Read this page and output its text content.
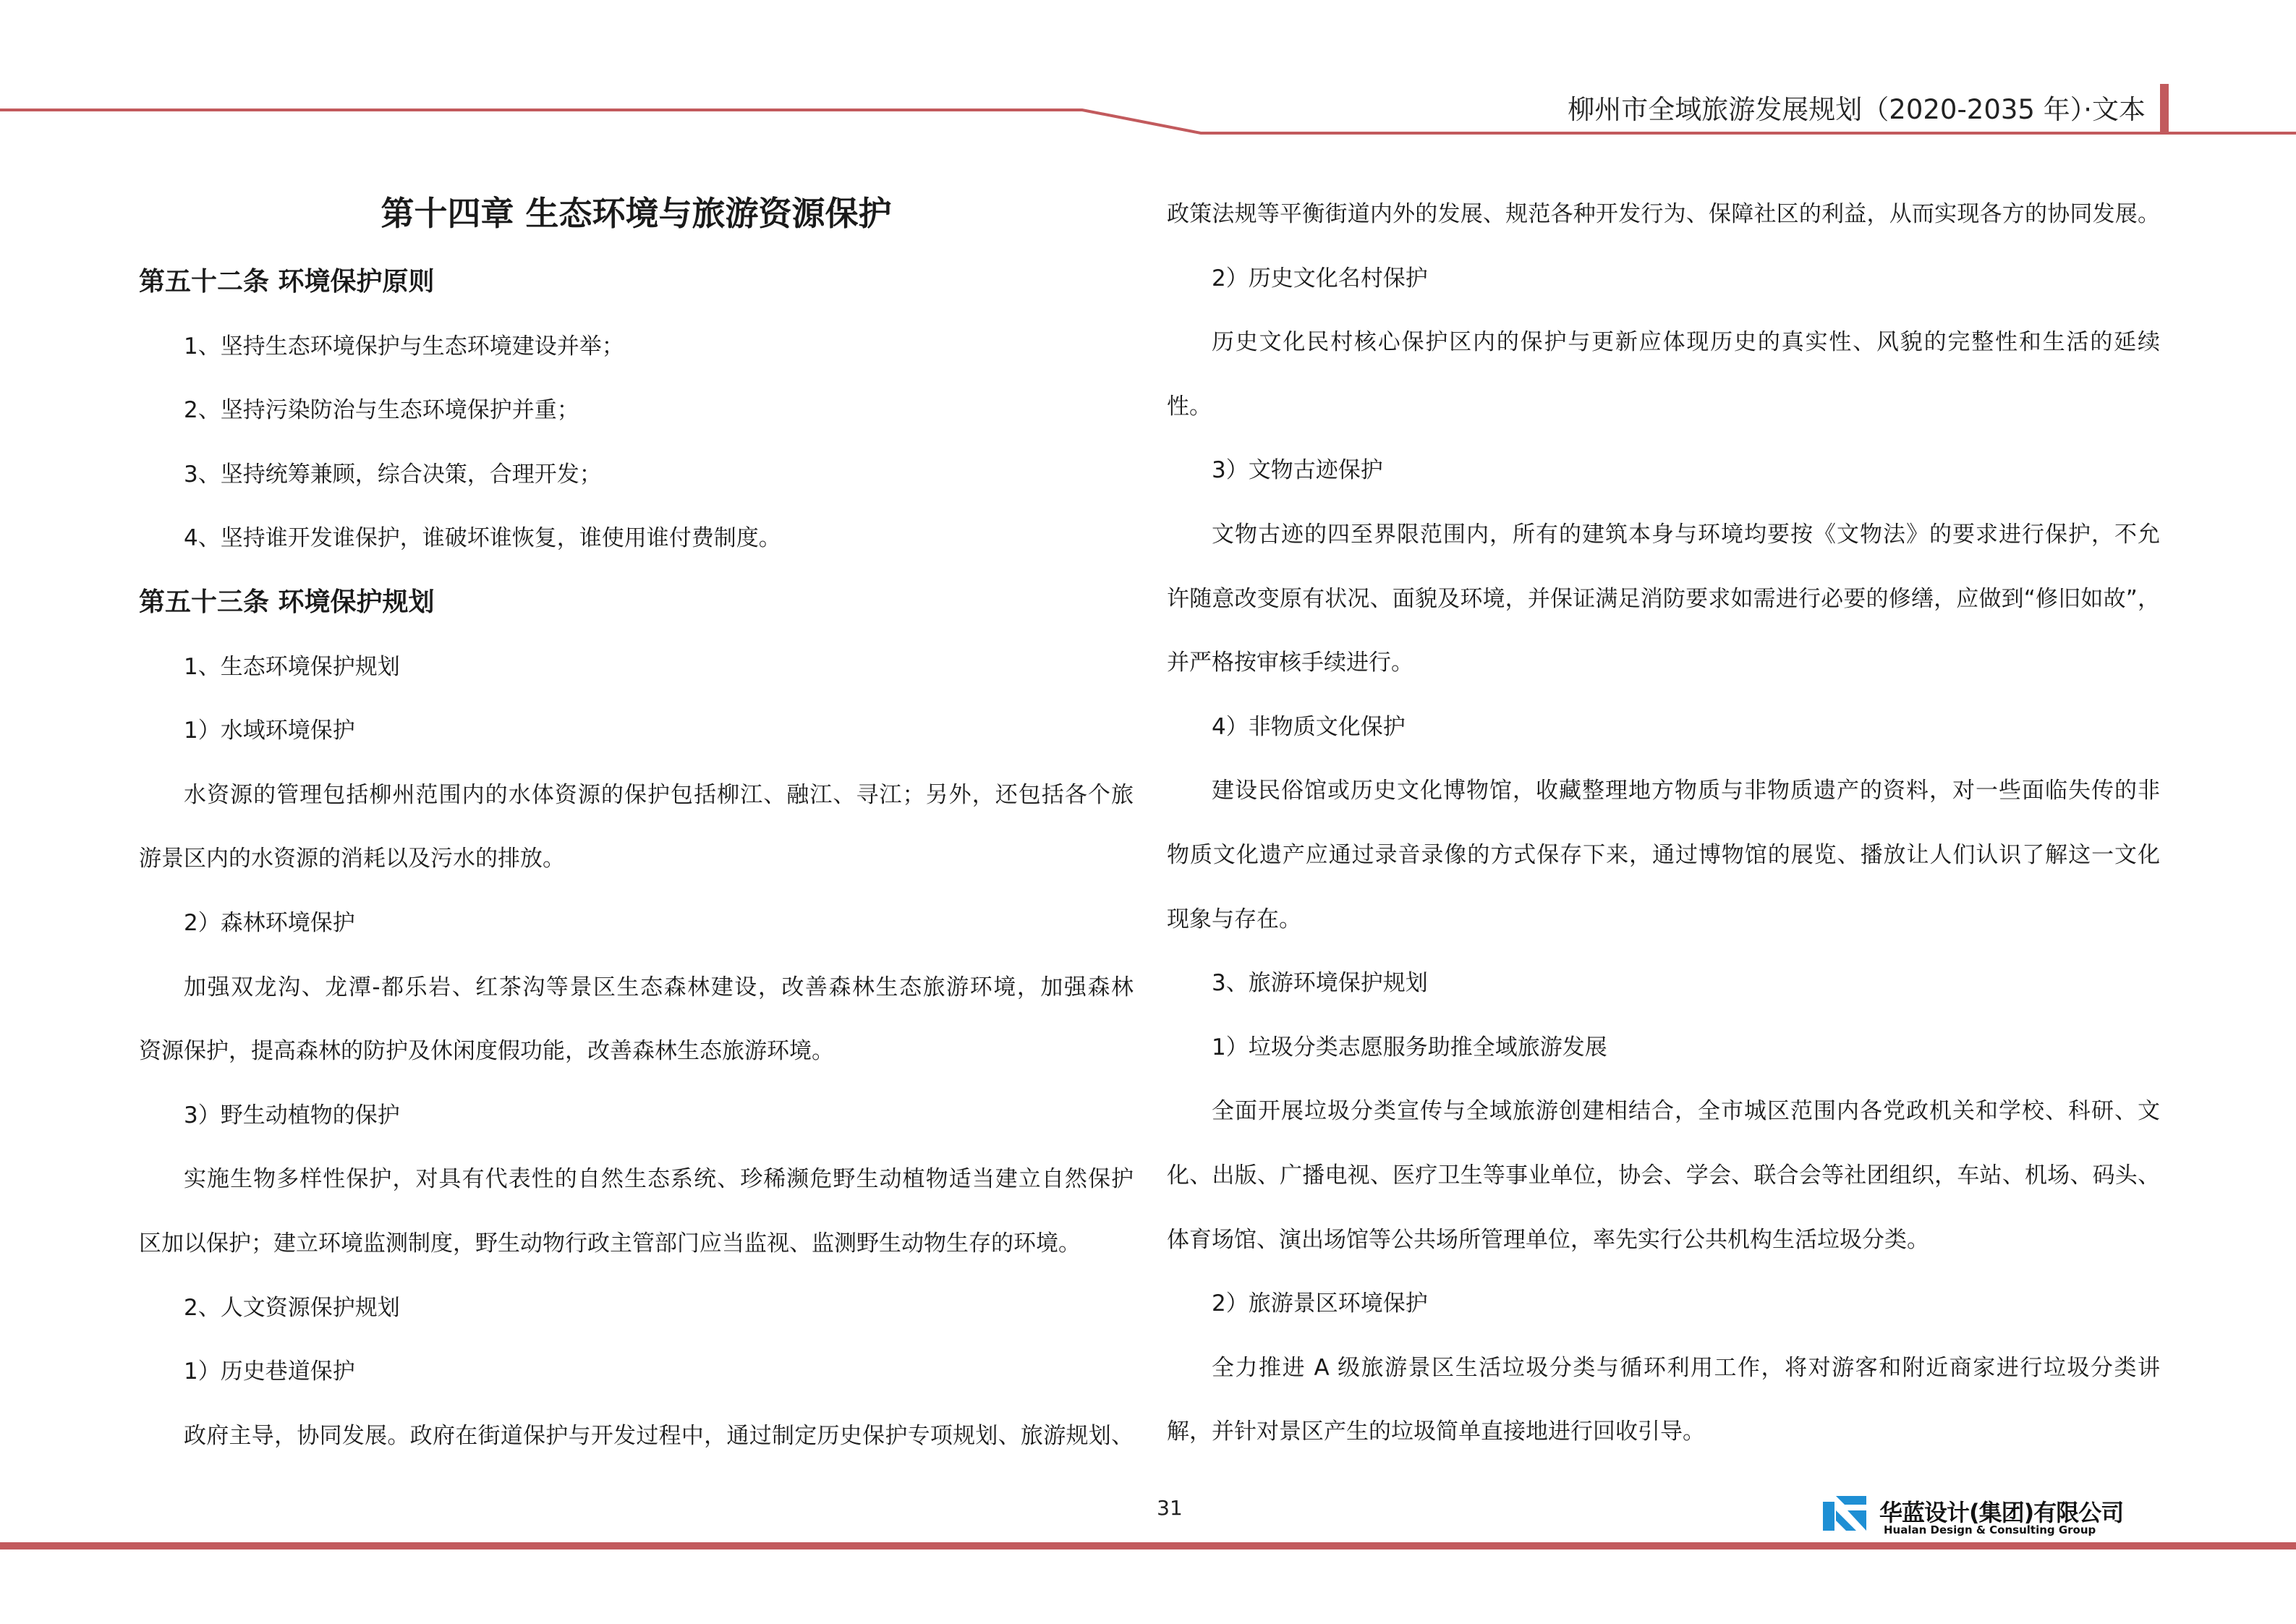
柳州市全域旅游发展规划（2020-2035 年）·文本
第十四章 生态环境与旅游资源保护

第五十二条 环境保护原则

1、坚持生态环境保护与生态环境建设并举；

2、坚持污染防治与生态环境保护并重；

3、坚持统筹兼顾，综合决策，合理开发；

4、坚持谁开发谁保护，谁破坏谁恢复，谁使用谁付费制度。

第五十三条 环境保护规划

1、生态环境保护规划

1）水域环境保护

水资源的管理包括柳州范围内的水体资源的保护包括柳江、融江、寻江；另外，还包括各个旅

游景区内的水资源的消耗以及污水的排放。

2）森林环境保护

加强双龙沟、龙潭-都乐岩、红茶沟等景区生态森林建设，改善森林生态旅游环境，加强森林

资源保护，提高森林的防护及休闲度假功能，改善森林生态旅游环境。

3）野生动植物的保护

实施生物多样性保护，对具有代表性的自然生态系统、珍稀濒危野生动植物适当建立自然保护

区加以保护；建立环境监测制度，野生动物行政主管部门应当监视、监测野生动物生存的环境。

2、人文资源保护规划

1）历史巷道保护

政府主导，协同发展。政府在街道保护与开发过程中，通过制定历史保护专项规划、旅游规划、

政策法规等平衡街道内外的发展、规范各种开发行为、保障社区的利益，从而实现各方的协同发展。

2）历史文化名村保护

历史文化民村核心保护区内的保护与更新应体现历史的真实性、风貌的完整性和生活的延续

性。

3）文物古迹保护

文物古迹的四至界限范围内，所有的建筑本身与环境均要按《文物法》的要求进行保护，不允

许随意改变原有状况、面貌及环境，并保证满足消防要求如需进行必要的修缮，应做到“修旧如故”，

并严格按审核手续进行。

4）非物质文化保护

建设民俗馆或历史文化博物馆，收藏整理地方物质与非物质遗产的资料，对一些面临失传的非

物质文化遗产应通过录音录像的方式保存下来，通过博物馆的展览、播放让人们认识了解这一文化

现象与存在。

3、旅游环境保护规划

1）垃圾分类志愿服务助推全域旅游发展

全面开展垃圾分类宣传与全域旅游创建相结合，全市城区范围内各党政机关和学校、科研、文

化、出版、广播电视、医疗卫生等事业单位，协会、学会、联合会等社团组织，车站、机场、码头、

体育场馆、演出场馆等公共场所管理单位，率先实行公共机构生活垃圾分类。

2）旅游景区环境保护

全力推进 A 级旅游景区生活垃圾分类与循环利用工作，将对游客和附近商家进行垃圾分类讲

解，并针对景区产生的垃圾简单直接地进行回收引导。

31	华蓝设计(集团)有限公司
Hualan Design & Consulting Group
